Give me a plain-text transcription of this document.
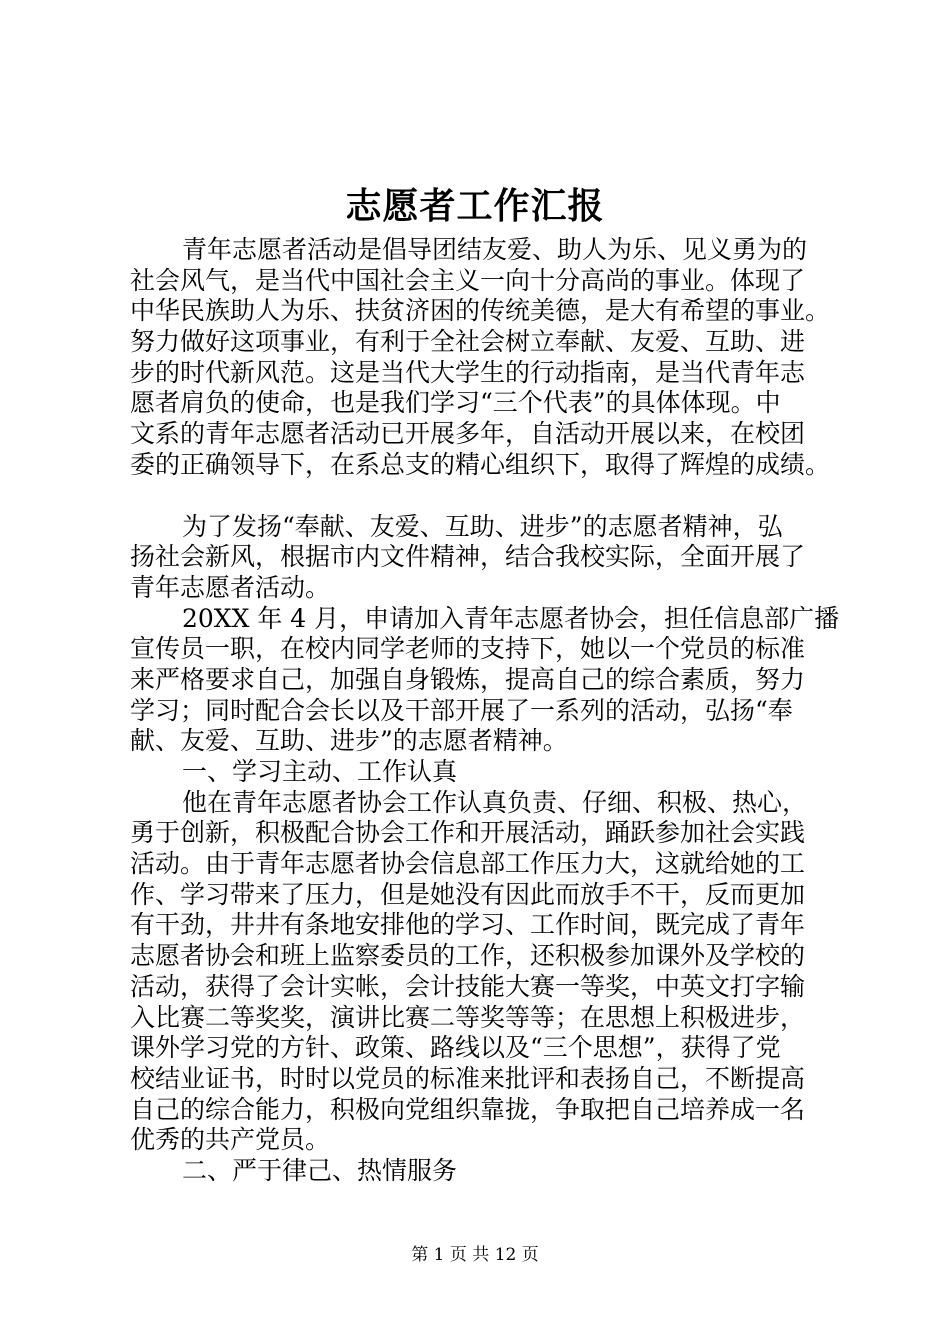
志愿者工作汇报
青年志愿者活动是倡导团结友爱、助人为乐、见义勇为的
社会风气，是当代中国社会主义一向十分高尚的事业。体现了
中华民族助人为乐、扶贫济困的传统美德，是大有希望的事业。
努力做好这项事业，有利于全社会树立奉献、友爱、互助、进
步的时代新风范。这是当代大学生的行动指南，是当代青年志
愿者肩负的使命，也是我们学习“三个代表”的具体体现。中
文系的青年志愿者活动已开展多年，自活动开展以来，在校团
委的正确领导下，在系总支的精心组织下，取得了辉煌的成绩。
为了发扬“奉献、友爱、互助、进步”的志愿者精神，弘
扬社会新风，根据市内文件精神，结合我校实际，全面开展了
青年志愿者活动。
20XX 年 4 月，申请加入青年志愿者协会，担任信息部广播
宣传员一职，在校内同学老师的支持下，她以一个党员的标准
来严格要求自己，加强自身锻炼，提高自己的综合素质，努力
学习；同时配合会长以及干部开展了一系列的活动，弘扬“奉
献、友爱、互助、进步”的志愿者精神。
一、学习主动、工作认真
他在青年志愿者协会工作认真负责、仔细、积极、热心，
勇于创新，积极配合协会工作和开展活动，踊跃参加社会实践
活动。由于青年志愿者协会信息部工作压力大，这就给她的工
作、学习带来了压力，但是她没有因此而放手不干，反而更加
有干劲，井井有条地安排他的学习、工作时间，既完成了青年
志愿者协会和班上监察委员的工作，还积极参加课外及学校的
活动，获得了会计实帐，会计技能大赛一等奖，中英文打字输
入比赛二等奖奖，演讲比赛二等奖等等；在思想上积极进步，
课外学习党的方针、政策、路线以及“三个思想”，获得了党
校结业证书，时时以党员的标准来批评和表扬自己，不断提高
自己的综合能力，积极向党组织靠拢，争取把自己培养成一名
优秀的共产党员。
二、严于律己、热情服务
第 1 页 共 12 页
